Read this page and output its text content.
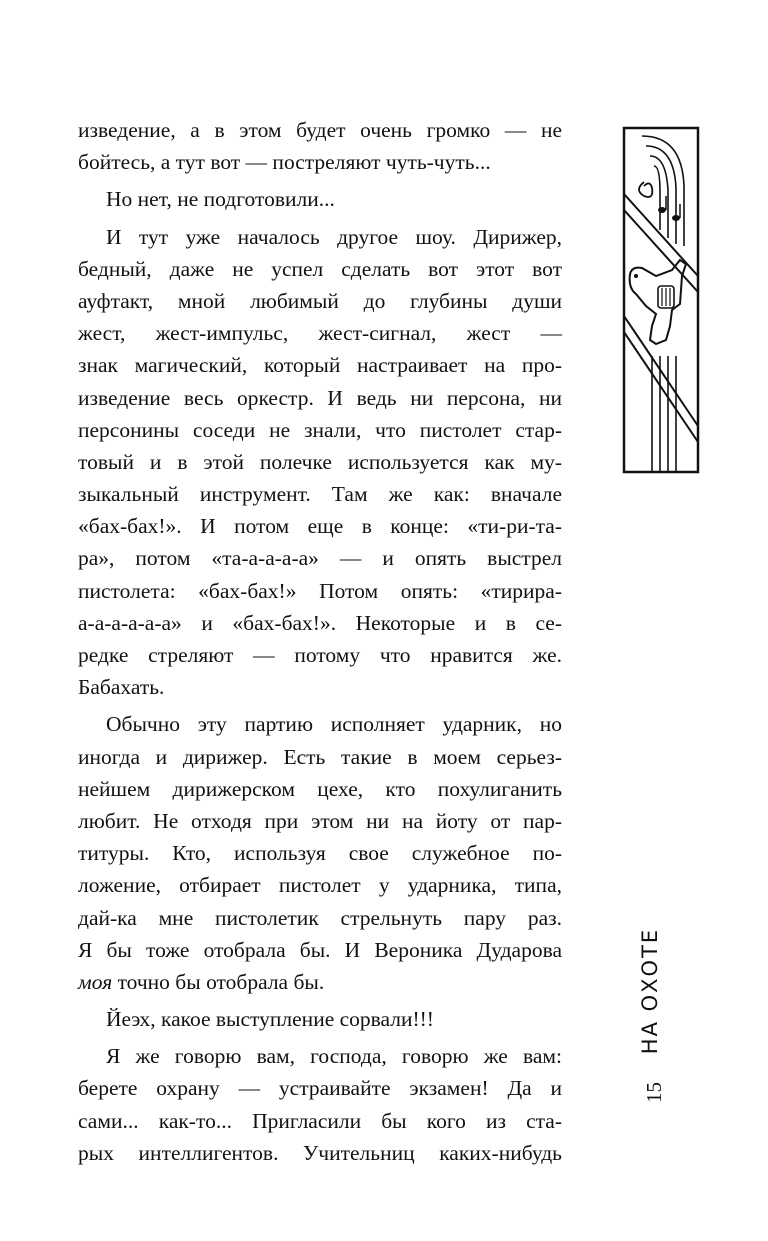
изведение, а в этом будет очень громко — не
бойтесь, а тут вот — постреляют чуть-чуть...
Но нет, не подготовили...
И тут уже началось другое шоу. Дирижер,
бедный, даже не успел сделать вот этот вот
ауфтакт, мной любимый до глубины души
жест, жест-импульс, жест-сигнал, жест —
знак магический, который настраивает на про-
изведение весь оркестр. И ведь ни персона, ни
персонины соседи не знали, что пистолет стар-
товый и в этой полечке используется как му-
зыкальный инструмент. Там же как: вначале
«бах-бах!». И потом еще в конце: «ти-ри-та-
ра», потом «та-а-а-а-а» — и опять выстрел
пистолета: «бах-бах!» Потом опять: «тирира-
а-а-а-а-а-а» и «бах-бах!». Некоторые и в се-
редке стреляют — потому что нравится же.
Бабахать.
Обычно эту партию исполняет ударник, но
иногда и дирижер. Есть такие в моем серьез-
нейшем дирижерском цехе, кто похулиганить
любит. Не отходя при этом ни на йоту от пар-
титуры. Кто, используя свое служебное по-
ложение, отбирает пистолет у ударника, типа,
дай-ка мне пистолетик стрельнуть пару раз.
Я бы тоже отобрала бы. И Вероника Дударова
моя точно бы отобрала бы.
Йеэх, какое выступление сорвали!!!
Я же говорю вам, господа, говорю же вам:
берете охрану — устраивайте экзамен! Да и
сами... как-то... Пригласили бы кого из ста-
рых интеллигентов. Учительниц каких-нибудь
НА ОХОТЕ
15
